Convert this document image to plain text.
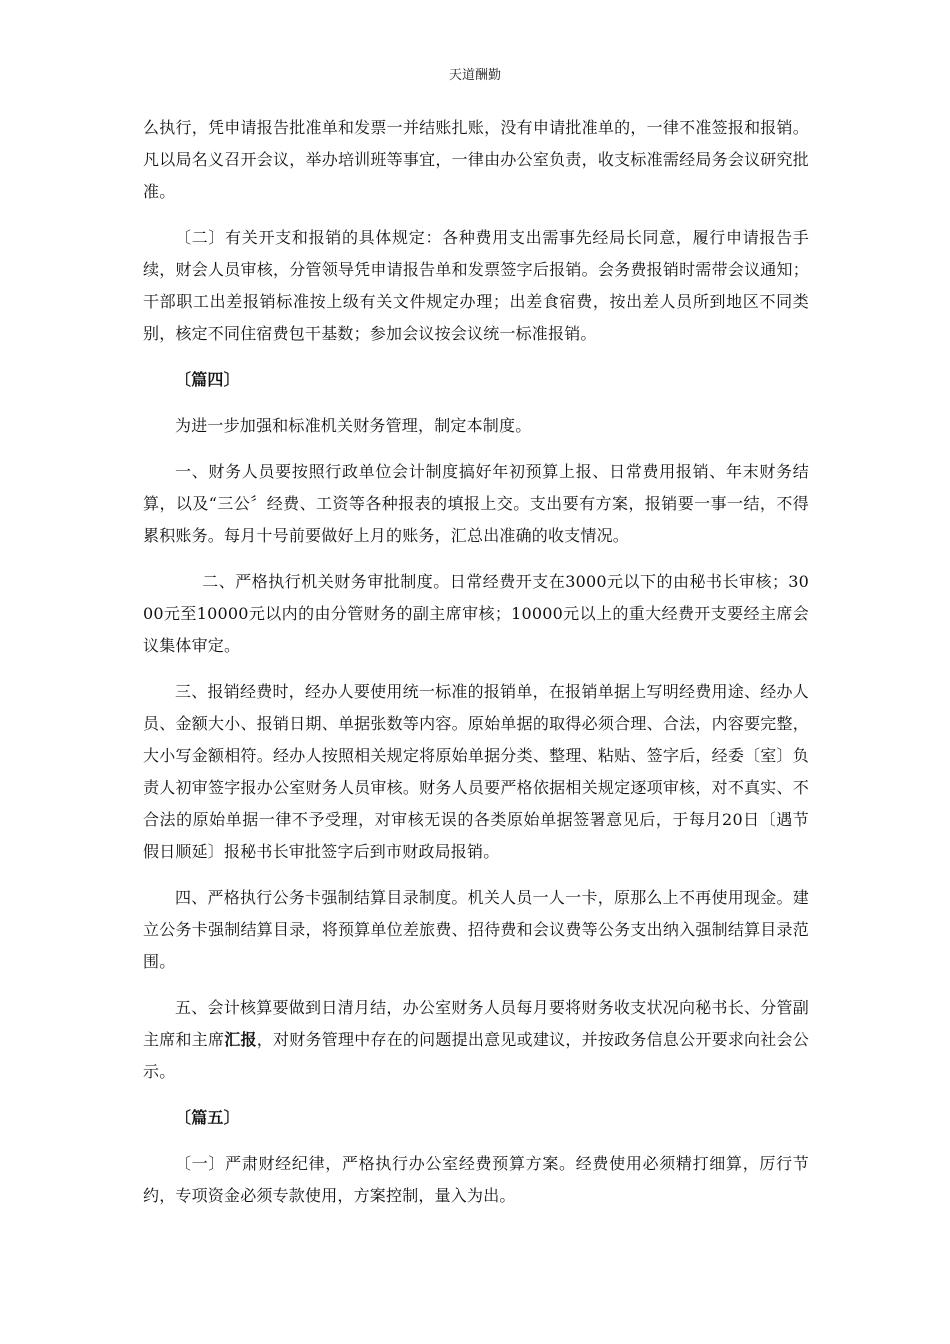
天道酬勤

么执行，凭申请报告批准单和发票一并结账扎账，没有申请批准单的，一律不准签报和报销。凡以局名义召开会议，举办培训班等事宜，一律由办公室负责，收支标准需经局务会议研究批准。

〔二〕有关开支和报销的具体规定：各种费用支出需事先经局长同意，履行申请报告手续，财会人员审核，分管领导凭申请报告单和发票签字后报销。会务费报销时需带会议通知；干部职工出差报销标准按上级有关文件规定办理；出差食宿费，按出差人员所到地区不同类别，核定不同住宿费包干基数；参加会议按会议统一标准报销。

〔篇四〕

为进一步加强和标准机关财务管理，制定本制度。

一、财务人员要按照行政单位会计制度搞好年初预算上报、日常费用报销、年末财务结算，以及“三公〞经费、工资等各种报表的填报上交。支出要有方案，报销要一事一结，不得累积账务。每月十号前要做好上月的账务，汇总出准确的收支情况。

二、严格执行机关财务审批制度。日常经费开支在3000元以下的由秘书长审核；3000元至10000元以内的由分管财务的副主席审核；10000元以上的重大经费开支要经主席会议集体审定。

三、报销经费时，经办人要使用统一标准的报销单，在报销单据上写明经费用途、经办人员、金额大小、报销日期、单据张数等内容。原始单据的取得必须合理、合法，内容要完整，大小写金额相符。经办人按照相关规定将原始单据分类、整理、粘贴、签字后，经委〔室〕负责人初审签字报办公室财务人员审核。财务人员要严格依据相关规定逐项审核，对不真实、不合法的原始单据一律不予受理，对审核无误的各类原始单据签署意见后，于每月20日〔遇节假日顺延〕报秘书长审批签字后到市财政局报销。

四、严格执行公务卡强制结算目录制度。机关人员一人一卡，原那么上不再使用现金。建立公务卡强制结算目录，将预算单位差旅费、招待费和会议费等公务支出纳入强制结算目录范围。

五、会计核算要做到日清月结，办公室财务人员每月要将财务收支状况向秘书长、分管副主席和主席汇报，对财务管理中存在的问题提出意见或建议，并按政务信息公开要求向社会公示。

〔篇五〕

〔一〕严肃财经纪律，严格执行办公室经费预算方案。经费使用必须精打细算，厉行节约，专项资金必须专款使用，方案控制，量入为出。
